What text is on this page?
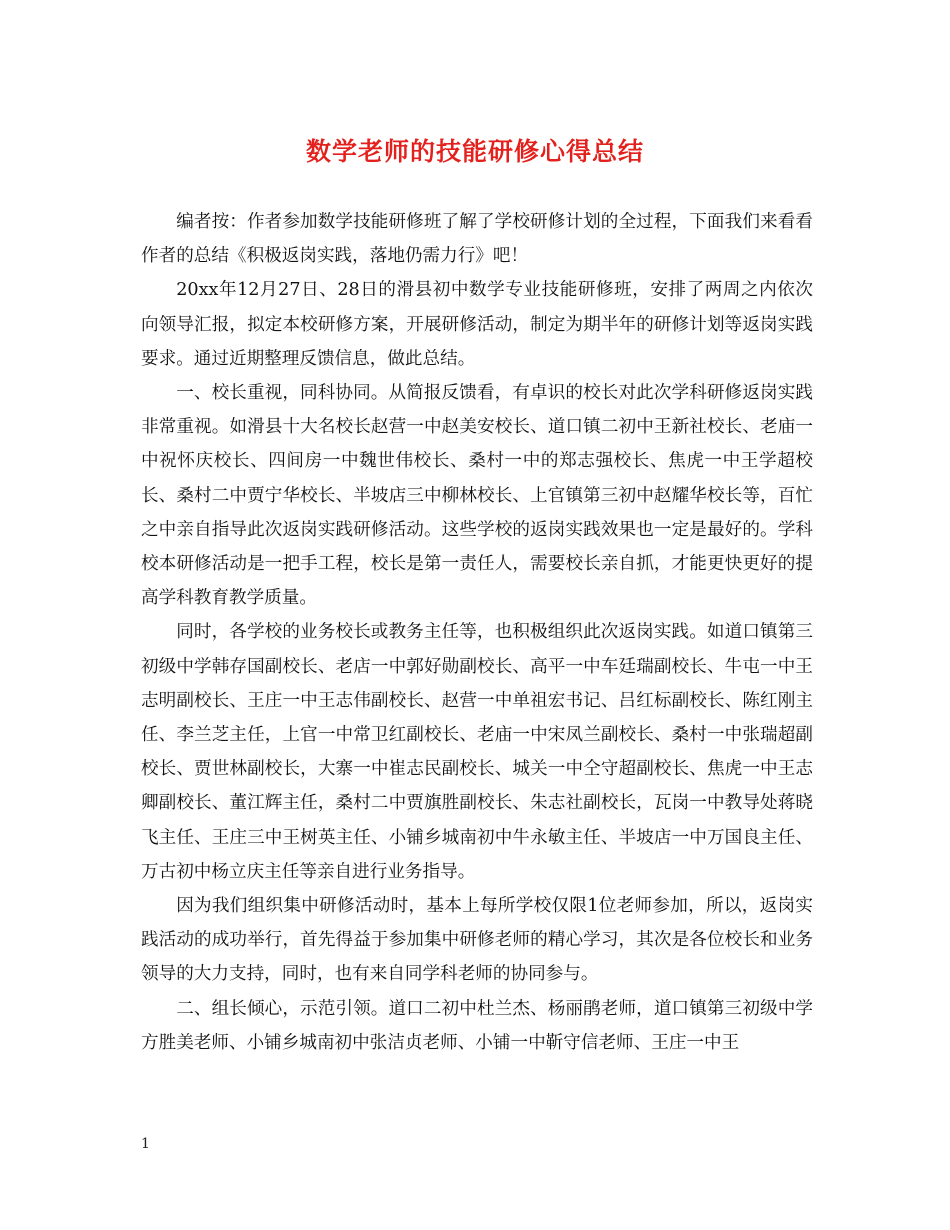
数学老师的技能研修心得总结

编者按：作者参加数学技能研修班了解了学校研修计划的全过程，下面我们来看看作者的总结《积极返岗实践，落地仍需力行》吧！

20xx年12月27日、28日的滑县初中数学专业技能研修班，安排了两周之内依次向领导汇报，拟定本校研修方案，开展研修活动，制定为期半年的研修计划等返岗实践要求。通过近期整理反馈信息，做此总结。

一、校长重视，同科协同。从简报反馈看，有卓识的校长对此次学科研修返岗实践非常重视。如滑县十大名校长赵营一中赵美安校长、道口镇二初中王新社校长、老庙一中祝怀庆校长、四间房一中魏世伟校长、桑村一中的郑志强校长、焦虎一中王学超校长、桑村二中贾宁华校长、半坡店三中柳林校长、上官镇第三初中赵耀华校长等，百忙之中亲自指导此次返岗实践研修活动。这些学校的返岗实践效果也一定是最好的。学科校本研修活动是一把手工程，校长是第一责任人，需要校长亲自抓，才能更快更好的提高学科教育教学质量。

同时，各学校的业务校长或教务主任等，也积极组织此次返岗实践。如道口镇第三初级中学韩存国副校长、老店一中郭好勋副校长、高平一中车廷瑞副校长、牛屯一中王志明副校长、王庄一中王志伟副校长、赵营一中单祖宏书记、吕红标副校长、陈红刚主任、李兰芝主任，上官一中常卫红副校长、老庙一中宋凤兰副校长、桑村一中张瑞超副校长、贾世林副校长，大寨一中崔志民副校长、城关一中仝守超副校长、焦虎一中王志卿副校长、董江辉主任，桑村二中贾旗胜副校长、朱志社副校长，瓦岗一中教导处蒋晓飞主任、王庄三中王树英主任、小铺乡城南初中牛永敏主任、半坡店一中万国良主任、万古初中杨立庆主任等亲自进行业务指导。

因为我们组织集中研修活动时，基本上每所学校仅限1位老师参加，所以，返岗实践活动的成功举行，首先得益于参加集中研修老师的精心学习，其次是各位校长和业务领导的大力支持，同时，也有来自同学科老师的协同参与。

二、组长倾心，示范引领。道口二初中杜兰杰、杨丽鹃老师，道口镇第三初级中学方胜美老师、小铺乡城南初中张洁贞老师、小铺一中靳守信老师、王庄一中王

1
